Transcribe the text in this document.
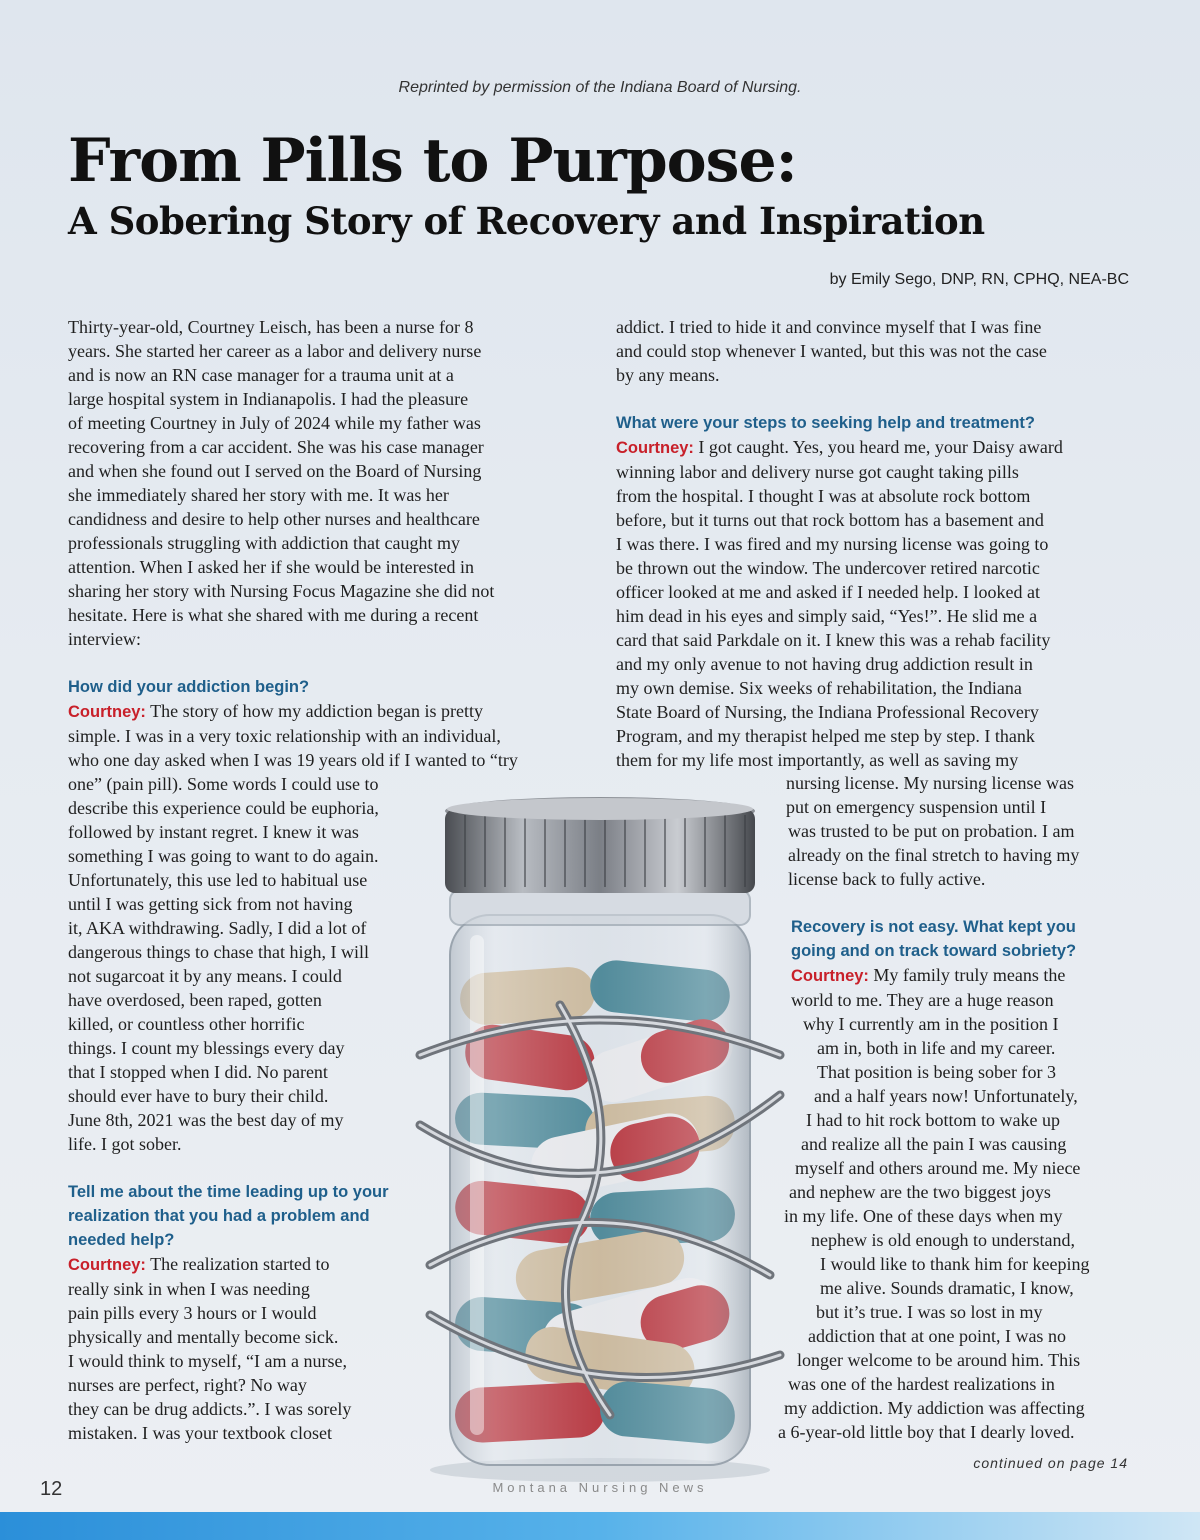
Reprinted by permission of the Indiana Board of Nursing.
From Pills to Purpose:
A Sobering Story of Recovery and Inspiration
by Emily Sego, DNP, RN, CPHQ, NEA-BC

Thirty-year-old, Courtney Leisch, has been a nurse for 8

years. She started her career as a labor and delivery nurse

and is now an RN case manager for a trauma unit at a

large hospital system in Indianapolis. I had the pleasure

of meeting Courtney in July of 2024 while my father was

recovering from a car accident. She was his case manager

and when she found out I served on the Board of Nursing

she immediately shared her story with me. It was her

candidness and desire to help other nurses and healthcare

professionals struggling with addiction that caught my

attention. When I asked her if she would be interested in

sharing her story with Nursing Focus Magazine she did not

hesitate. Here is what she shared with me during a recent

interview:

How did your addiction begin?

Courtney: The story of how my addiction began is pretty

simple. I was in a very toxic relationship with an individual,

who one day asked when I was 19 years old if I wanted to “try

one” (pain pill). Some words I could use to

describe this experience could be euphoria,

followed by instant regret. I knew it was

something I was going to want to do again.

Unfortunately, this use led to habitual use

until I was getting sick from not having

it, AKA withdrawing. Sadly, I did a lot of

dangerous things to chase that high, I will

not sugarcoat it by any means. I could

have overdosed, been raped, gotten

killed, or countless other horrific

things. I count my blessings every day

that I stopped when I did. No parent

should ever have to bury their child.

June 8th, 2021 was the best day of my

life. I got sober.

Tell me about the time leading up to your

realization that you had a problem and

needed help?

Courtney: The realization started to

really sink in when I was needing

pain pills every 3 hours or I would

physically and mentally become sick.

I would think to myself, “I am a nurse,

nurses are perfect, right? No way

they can be drug addicts.”. I was sorely

mistaken. I was your textbook closet

addict. I tried to hide it and convince myself that I was fine

and could stop whenever I wanted, but this was not the case

by any means.

What were your steps to seeking help and treatment?

Courtney: I got caught. Yes, you heard me, your Daisy award

winning labor and delivery nurse got caught taking pills

from the hospital. I thought I was at absolute rock bottom

before, but it turns out that rock bottom has a basement and

I was there. I was fired and my nursing license was going to

be thrown out the window. The undercover retired narcotic

officer looked at me and asked if I needed help. I looked at

him dead in his eyes and simply said, “Yes!”. He slid me a

card that said Parkdale on it. I knew this was a rehab facility

and my only avenue to not having drug addiction result in

my own demise. Six weeks of rehabilitation, the Indiana

State Board of Nursing, the Indiana Professional Recovery

Program, and my therapist helped me step by step. I thank

them for my life most importantly, as well as saving my

nursing license. My nursing license was

put on emergency suspension until I

was trusted to be put on probation. I am

already on the final stretch to having my

license back to fully active.

Recovery is not easy. What kept you

going and on track toward sobriety?

Courtney: My family truly means the

world to me. They are a huge reason

why I currently am in the position I

am in, both in life and my career.

That position is being sober for 3

and a half years now! Unfortunately,

I had to hit rock bottom to wake up

and realize all the pain I was causing

myself and others around me. My niece

and nephew are the two biggest joys

in my life. One of these days when my

nephew is old enough to understand,

I would like to thank him for keeping

me alive. Sounds dramatic, I know,

but it’s true. I was so lost in my

addiction that at one point, I was no

longer welcome to be around him. This

was one of the hardest realizations in

my addiction. My addiction was affecting

a 6-year-old little boy that I dearly loved.

continued on page 14
12	Montana Nursing News
